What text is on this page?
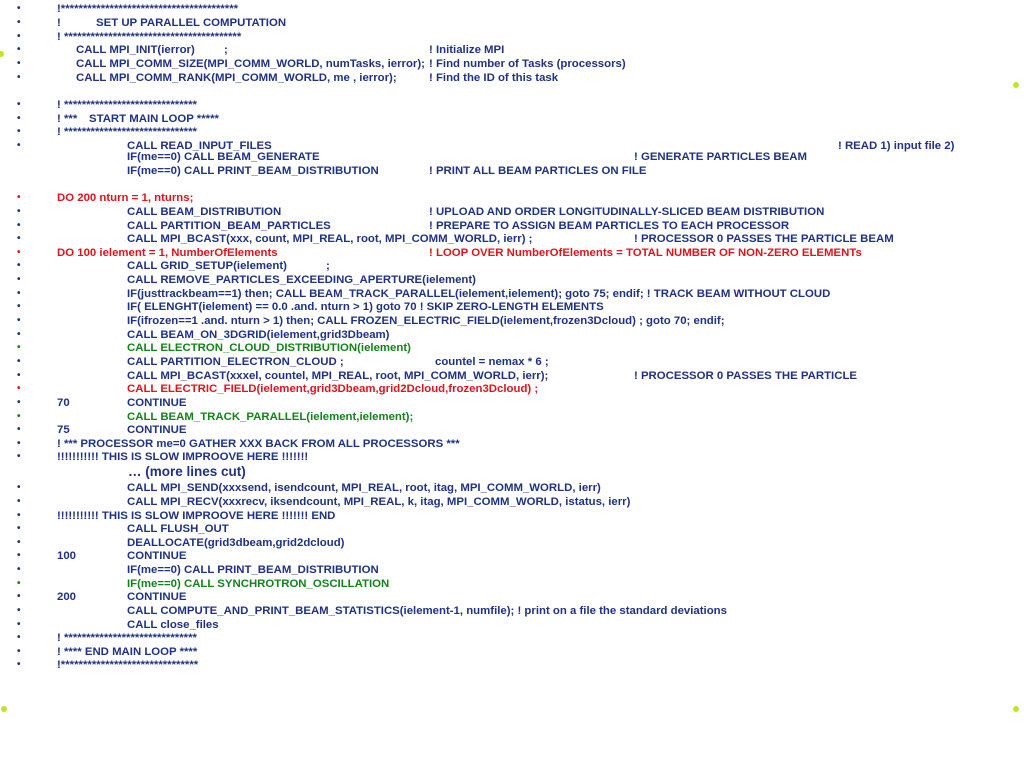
•	!****************************************
•	!	SET UP PARALLEL COMPUTATION
•	! ****************************************
•	CALL MPI_INIT(ierror)	;	! Initialize MPI
•	CALL MPI_COMM_SIZE(MPI_COMM_WORLD, numTasks, ierror); ! Find number of Tasks (processors)
•	CALL MPI_COMM_RANK(MPI_COMM_WORLD, me , ierror);	! Find the ID of this task
•	! ******************************
•	! *** START MAIN LOOP *****
•	! ******************************
•	CALL READ_INPUT_FILES	! READ 1) input file 2)
IF(me==0) CALL BEAM_GENERATE	! GENERATE PARTICLES BEAM
IF(me==0) CALL PRINT_BEAM_DISTRIBUTION	! PRINT ALL BEAM PARTICLES ON FILE
•	DO 200 nturn = 1, nturns;
•	CALL BEAM_DISTRIBUTION	! UPLOAD AND ORDER LONGITUDINALLY-SLICED BEAM DISTRIBUTION
•	CALL PARTITION_BEAM_PARTICLES	! PREPARE TO ASSIGN BEAM PARTICLES TO EACH PROCESSOR
•	CALL MPI_BCAST(xxx, count, MPI_REAL, root, MPI_COMM_WORLD, ierr) ;	! PROCESSOR 0 PASSES THE PARTICLE BEAM
•	DO 100 ielement = 1, NumberOfElements	! LOOP OVER NumberOfElements = TOTAL NUMBER OF NON-ZERO ELEMENTs
•	CALL GRID_SETUP(ielement)	;
•	CALL REMOVE_PARTICLES_EXCEEDING_APERTURE(ielement)
•	IF(justtrackbeam==1) then; CALL BEAM_TRACK_PARALLEL(ielement,ielement); goto 75; endif; ! TRACK BEAM WITHOUT CLOUD
•	IF( ELENGHT(ielement) == 0.0 .and. nturn > 1) goto 70 ! SKIP ZERO-LENGTH ELEMENTS
•	IF(ifrozen==1 .and. nturn > 1) then; CALL FROZEN_ELECTRIC_FIELD(ielement,frozen3Dcloud) ; goto 70; endif;
•	CALL BEAM_ON_3DGRID(ielement,grid3Dbeam)
•	CALL ELECTRON_CLOUD_DISTRIBUTION(ielement)
•	CALL PARTITION_ELECTRON_CLOUD ;	countel = nemax * 6 ;
•	CALL MPI_BCAST(xxxel, countel, MPI_REAL, root, MPI_COMM_WORLD, ierr);	! PROCESSOR 0 PASSES THE PARTICLE
•	CALL ELECTRIC_FIELD(ielement,grid3Dbeam,grid2Dcloud,frozen3Dcloud) ;
•	70	CONTINUE
•	CALL BEAM_TRACK_PARALLEL(ielement,ielement);
•	75	CONTINUE
•	! *** PROCESSOR me=0 GATHER XXX BACK FROM ALL PROCESSORS ***
•	!!!!!!!!!!! THIS IS SLOW IMPROOVE HERE !!!!!!!
•	CALL MPI_SEND(xxxsend, isendcount, MPI_REAL, root, itag, MPI_COMM_WORLD, ierr)
•	CALL MPI_RECV(xxxrecv, iksendcount, MPI_REAL, k, itag, MPI_COMM_WORLD, istatus, ierr)
•	!!!!!!!!!!! THIS IS SLOW IMPROOVE HERE !!!!!!! END
•	CALL FLUSH_OUT
•	DEALLOCATE(grid3dbeam,grid2dcloud)
•	100	CONTINUE
•	IF(me==0) CALL PRINT_BEAM_DISTRIBUTION
•	IF(me==0) CALL SYNCHROTRON_OSCILLATION
•	200	CONTINUE
•	CALL COMPUTE_AND_PRINT_BEAM_STATISTICS(ielement-1, numfile); ! print on a file the standard deviations
•	CALL close_files
•	! ******************************
•	! **** END MAIN LOOP ****
•	!*******************************
… (more lines cut)
